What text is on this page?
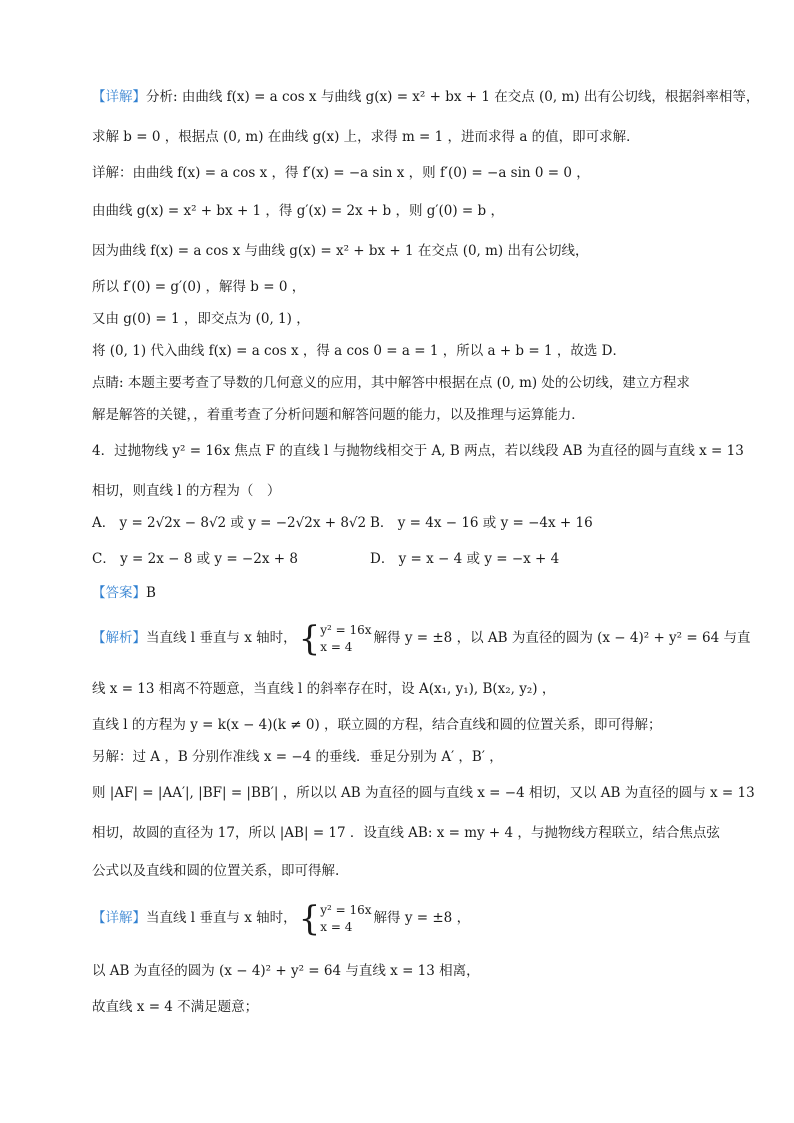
【详解】分析: 由曲线 f(x) = a cos x 与曲线 g(x) = x² + bx + 1 在交点 (0, m) 出有公切线，根据斜率相等，
求解 b = 0 ，根据点 (0, m) 在曲线 g(x) 上，求得 m = 1 ，进而求得 a 的值，即可求解．
详解：由曲线 f(x) = a cos x ，得 f′(x) = −a sin x ，则 f′(0) = −a sin 0 = 0 ，
由曲线 g(x) = x² + bx + 1 ，得 g′(x) = 2x + b ，则 g′(0) = b ，
因为曲线 f(x) = a cos x 与曲线 g(x) = x² + bx + 1 在交点 (0, m) 出有公切线，
所以 f′(0) = g′(0) ，解得 b = 0 ，
又由 g(0) = 1 ，即交点为 (0, 1) ，
将 (0, 1) 代入曲线 f(x) = a cos x ，得 a cos 0 = a = 1 ，所以 a + b = 1 ，故选 D．
点睛: 本题主要考查了导数的几何意义的应用，其中解答中根据在点 (0, m) 处的公切线，建立方程求
解是解答的关键，，着重考查了分析问题和解答问题的能力，以及推理与运算能力．
4．过抛物线 y² = 16x 焦点 F 的直线 l 与抛物线相交于 A, B 两点，若以线段 AB 为直径的圆与直线 x = 13
相切，则直线 l 的方程为（　）
A． y = 2√2x − 8√2 或 y = −2√2x + 8√2 B． y = 4x − 16 或 y = −4x + 16
C． y = 2x − 8 或 y = −2x + 8	D． y = x − 4 或 y = −x + 4
【答案】B
【解析】当直线 l 垂直与 x 轴时，{ y² = 16x
x = 4
解得 y = ±8 ，以 AB 为直径的圆为 (x − 4)² + y² = 64 与直
线 x = 13 相离不符题意，当直线 l 的斜率存在时，设 A(x₁, y₁), B(x₂, y₂) ，
直线 l 的方程为 y = k(x − 4)(k ≠ 0) ，联立圆的方程，结合直线和圆的位置关系，即可得解；
另解：过 A ，B 分别作准线 x = −4 的垂线．垂足分别为 A′ ，B′ ，
则 |AF| = |AA′|, |BF| = |BB′| ，所以以 AB 为直径的圆与直线 x = −4 相切，又以 AB 为直径的圆与 x = 13
相切，故圆的直径为 17，所以 |AB| = 17 ．设直线 AB: x = my + 4 ，与抛物线方程联立，结合焦点弦
公式以及直线和圆的位置关系，即可得解.
【详解】当直线 l 垂直与 x 轴时，{ y² = 16x
x = 4
解得 y = ±8 ，
以 AB 为直径的圆为 (x − 4)² + y² = 64 与直线 x = 13 相离，
故直线 x = 4 不满足题意；
